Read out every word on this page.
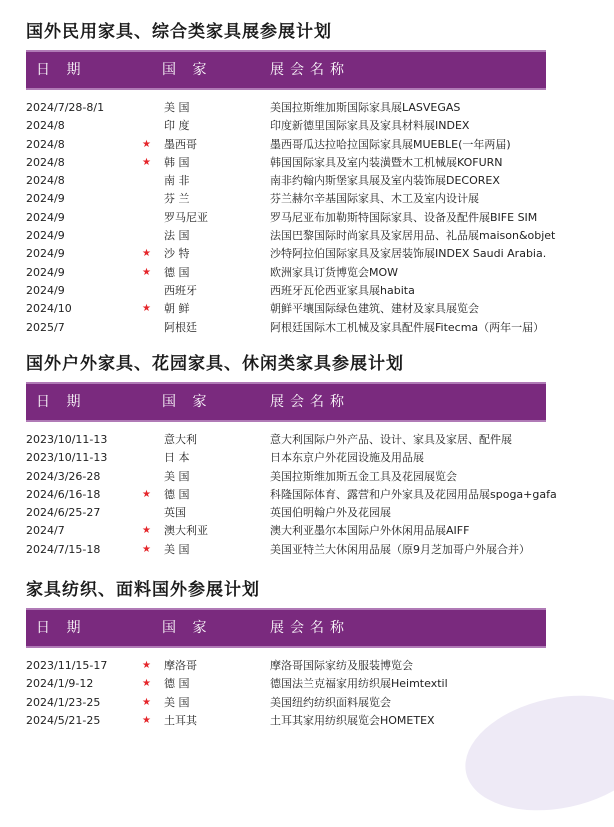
国外民用家具、综合类家具展参展计划
日 期	国 家	展会名称
2024/7/28-8/1	美 国	美国拉斯维加斯国际家具展LASVEGAS
2024/8	印 度	印度新德里国际家具及家具材料展INDEX
2024/8	★ 墨西哥	墨西哥瓜达拉哈拉国际家具展MUEBLE(一年两届)
2024/8	★ 韩 国	韩国国际家具及室内装潢暨木工机械展KOFURN
2024/8	南 非	南非约翰内斯堡家具展及室内装饰展DECOREX
2024/9	芬 兰	芬兰赫尔辛基国际家具、木工及室内设计展
2024/9	罗马尼亚	罗马尼亚布加勒斯特国际家具、设备及配件展BIFE SIM
2024/9	法 国	法国巴黎国际时尚家具及家居用品、礼品展maison&objet
2024/9	★ 沙 特	沙特阿拉伯国际家具及家居装饰展INDEX Saudi Arabia.
2024/9	★ 德 国	欧洲家具订货博览会MOW
2024/9	西班牙	西班牙瓦伦西亚家具展habita
2024/10	★ 朝 鲜	朝鲜平壤国际绿色建筑、建材及家具展览会
2025/7	阿根廷	阿根廷国际木工机械及家具配件展Fitecma（两年一届）
国外户外家具、花园家具、休闲类家具参展计划
日 期	国 家	展会名称
2023/10/11-13	意大利	意大利国际户外产品、设计、家具及家居、配件展
2023/10/11-13	日 本	日本东京户外花园设施及用品展
2024/3/26-28	美 国	美国拉斯维加斯五金工具及花园展览会
2024/6/16-18	★ 德 国	科隆国际体育、露营和户外家具及花园用品展spoga+gafa
2024/6/25-27	英国	英国伯明翰户外及花园展
2024/7	★ 澳大利亚	澳大利亚墨尔本国际户外休闲用品展AIFF
2024/7/15-18	★ 美 国	美国亚特兰大休闲用品展（原9月芝加哥户外展合并）
家具纺织、面料国外参展计划
日 期	国 家	展会名称
2023/11/15-17	★ 摩洛哥	摩洛哥国际家纺及服装博览会
2024/1/9-12	★ 德 国	德国法兰克福家用纺织展Heimtextil
2024/1/23-25	★ 美 国	美国纽约纺织面料展览会
2024/5/21-25	★ 土耳其	土耳其家用纺织展览会HOMETEX
